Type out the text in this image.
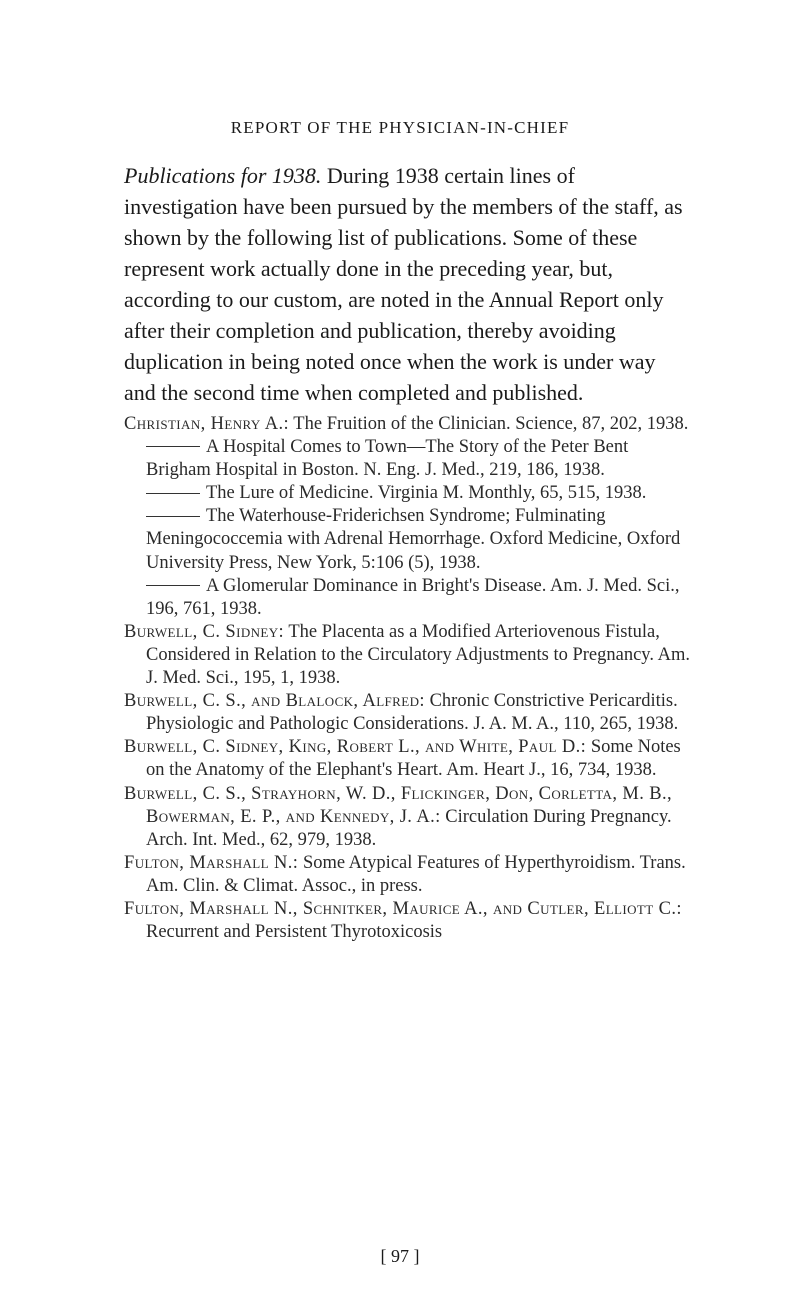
REPORT OF THE PHYSICIAN-IN-CHIEF

Publications for 1938. During 1938 certain lines of investigation have been pursued by the members of the staff, as shown by the following list of publications. Some of these represent work actually done in the preceding year, but, according to our custom, are noted in the Annual Report only after their completion and publication, thereby avoiding duplication in being noted once when the work is under way and the second time when completed and published.

Christian, Henry A.: The Fruition of the Clinician. Science, 87, 202, 1938.
A Hospital Comes to Town—The Story of the Peter Bent Brigham Hospital in Boston. N. Eng. J. Med., 219, 186, 1938.
The Lure of Medicine. Virginia M. Monthly, 65, 515, 1938.
The Waterhouse-Friderichsen Syndrome; Fulminating Meningococcemia with Adrenal Hemorrhage. Oxford Medicine, Oxford University Press, New York, 5:106 (5), 1938.
A Glomerular Dominance in Bright's Disease. Am. J. Med. Sci., 196, 761, 1938.
Burwell, C. Sidney: The Placenta as a Modified Arteriovenous Fistula, Considered in Relation to the Circulatory Adjustments to Pregnancy. Am. J. Med. Sci., 195, 1, 1938.
Burwell, C. S., and Blalock, Alfred: Chronic Constrictive Pericarditis. Physiologic and Pathologic Considerations. J. A. M. A., 110, 265, 1938.
Burwell, C. Sidney, King, Robert L., and White, Paul D.: Some Notes on the Anatomy of the Elephant's Heart. Am. Heart J., 16, 734, 1938.
Burwell, C. S., Strayhorn, W. D., Flickinger, Don, Corletta, M. B., Bowerman, E. P., and Kennedy, J. A.: Circulation During Pregnancy. Arch. Int. Med., 62, 979, 1938.
Fulton, Marshall N.: Some Atypical Features of Hyperthyroidism. Trans. Am. Clin. & Climat. Assoc., in press.
Fulton, Marshall N., Schnitker, Maurice A., and Cutler, Elliott C.: Recurrent and Persistent Thyrotoxicosis
[ 97 ]
